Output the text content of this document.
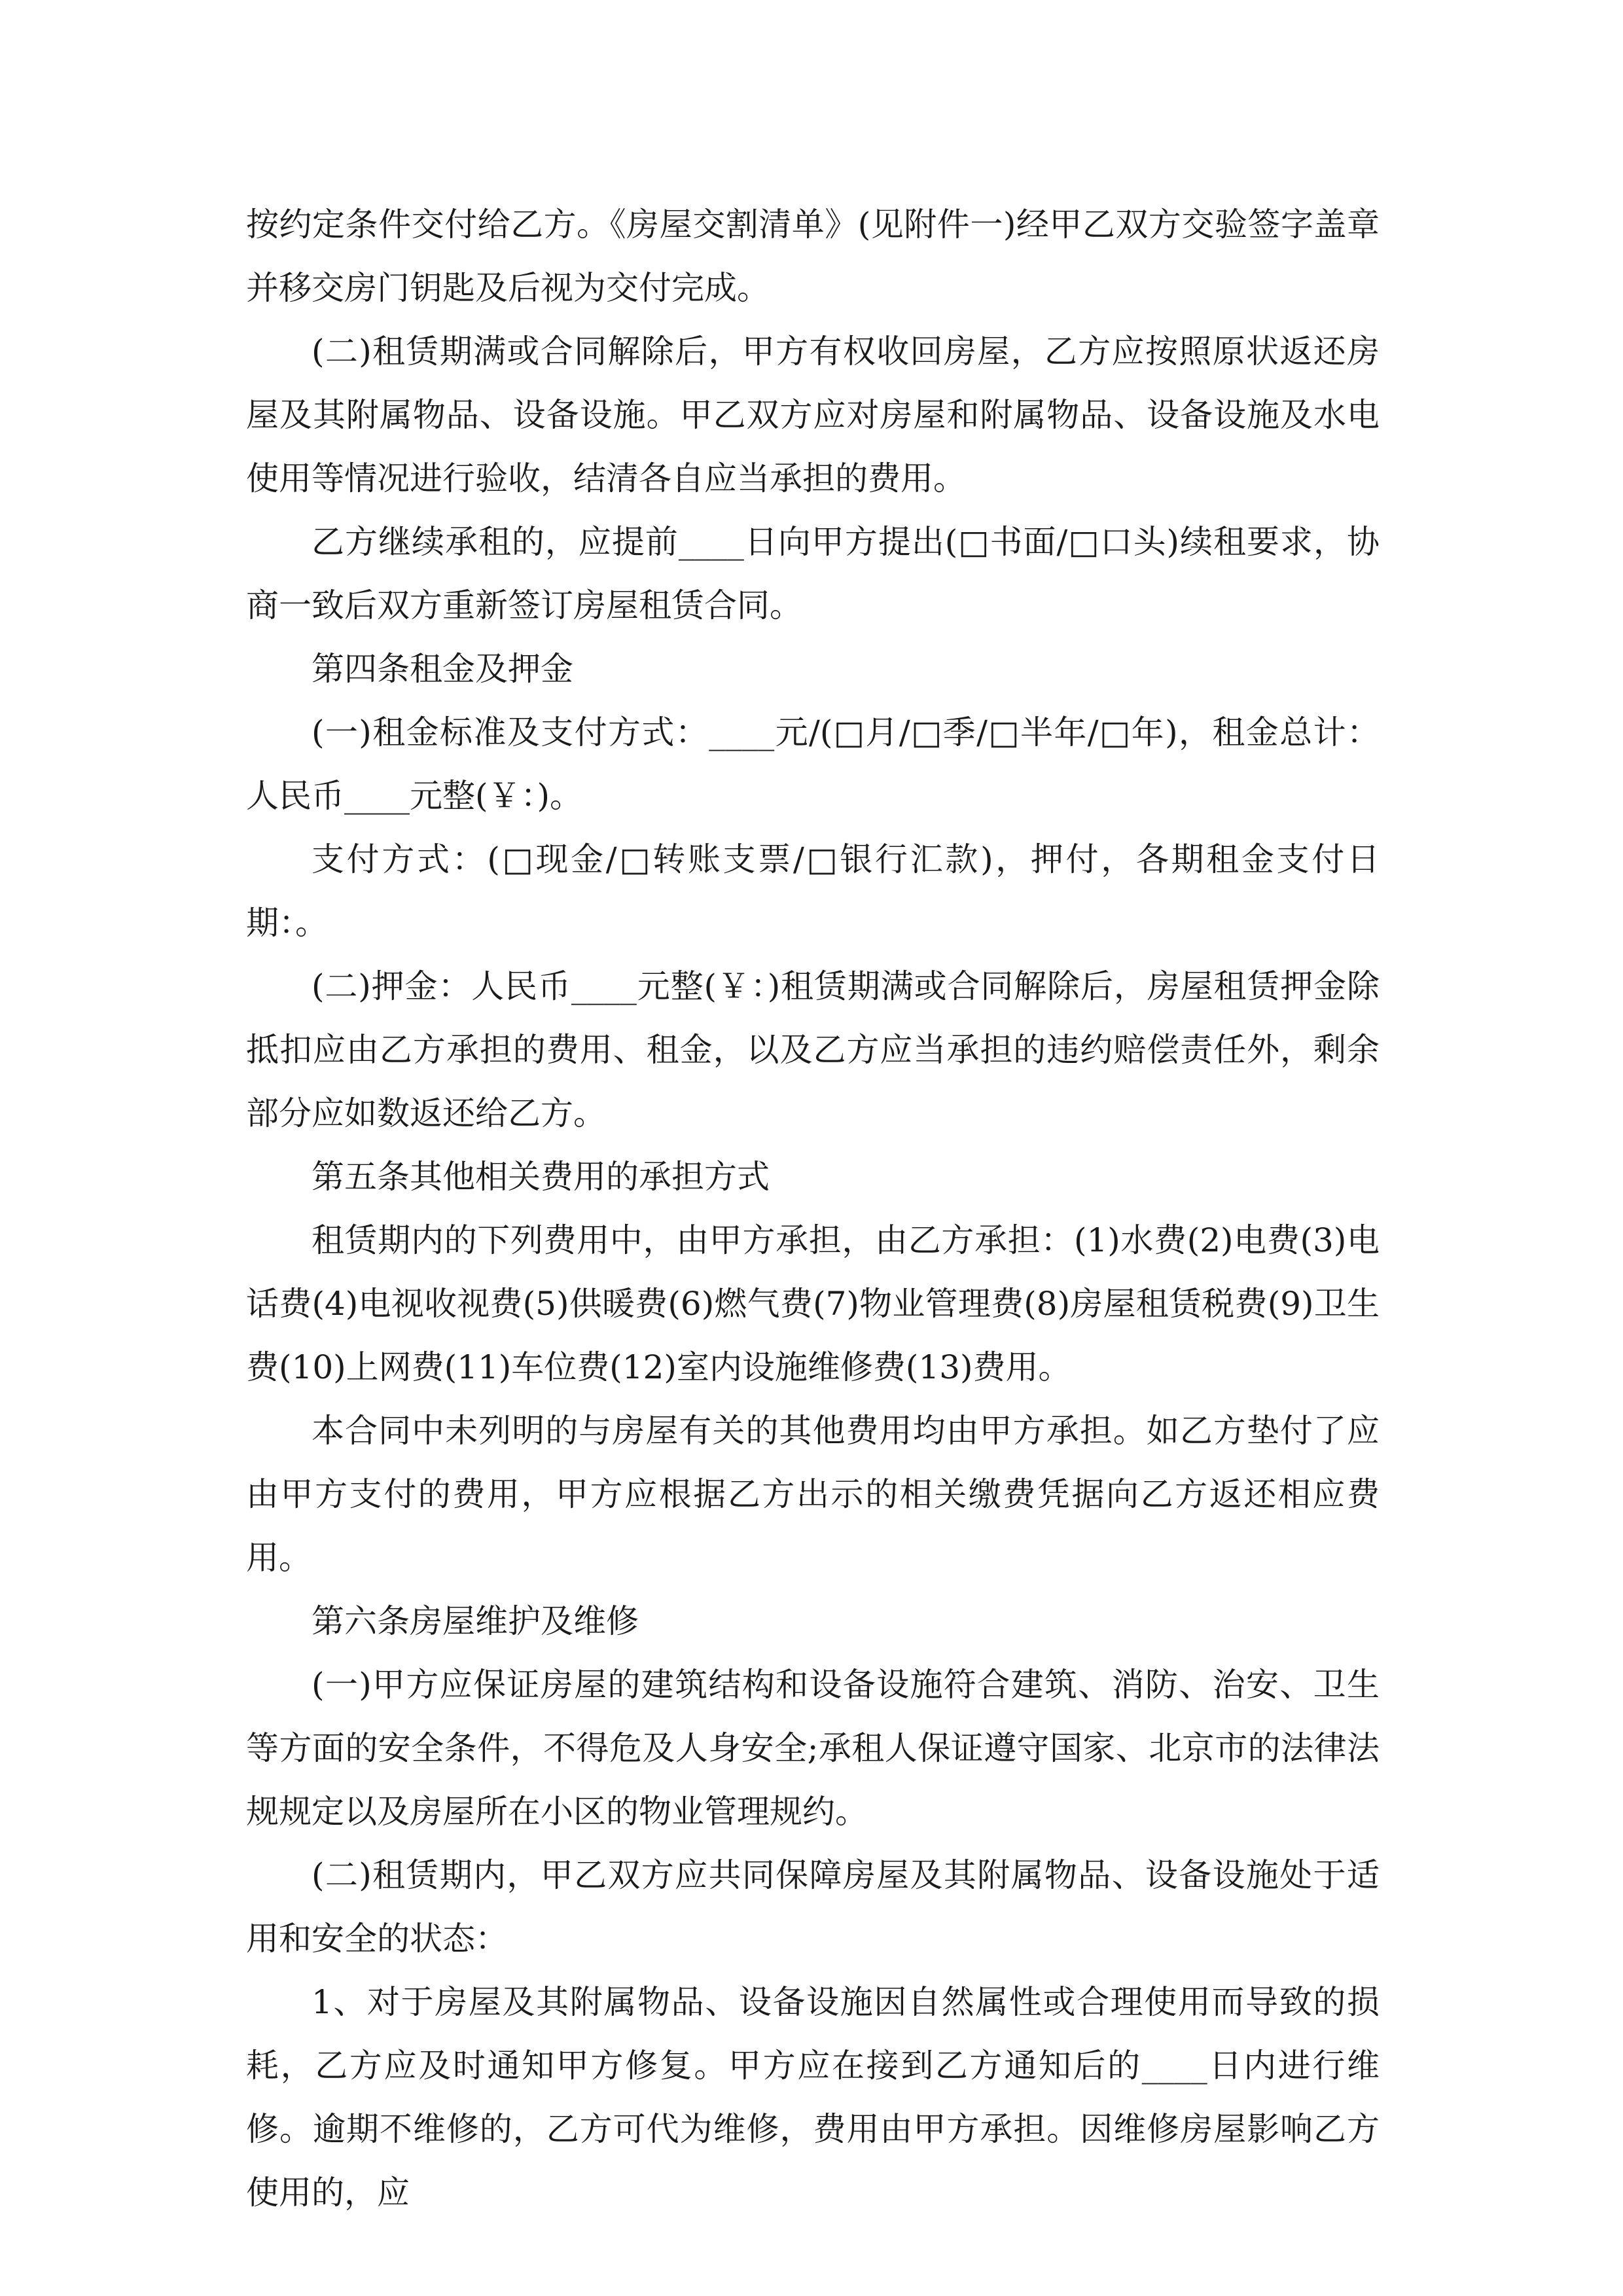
按约定条件交付给乙方。《房屋交割清单》(见附件一)经甲乙双方交验签字盖章并移交房门钥匙及后视为交付完成。

(二)租赁期满或合同解除后，甲方有权收回房屋，乙方应按照原状返还房屋及其附属物品、设备设施。甲乙双方应对房屋和附属物品、设备设施及水电使用等情况进行验收，结清各自应当承担的费用。

乙方继续承租的，应提前____日向甲方提出(□书面/□口头)续租要求，协商一致后双方重新签订房屋租赁合同。

第四条租金及押金

(一)租金标准及支付方式：____元/(□月/□季/□半年/□年)，租金总计：人民币____元整(￥：)。

支付方式：(□现金/□转账支票/□银行汇款)，押付，各期租金支付日期：。

(二)押金：人民币____元整(￥：)租赁期满或合同解除后，房屋租赁押金除抵扣应由乙方承担的费用、租金，以及乙方应当承担的违约赔偿责任外，剩余部分应如数返还给乙方。

第五条其他相关费用的承担方式

租赁期内的下列费用中，由甲方承担，由乙方承担：(1)水费(2)电费(3)电话费(4)电视收视费(5)供暖费(6)燃气费(7)物业管理费(8)房屋租赁税费(9)卫生费(10)上网费(11)车位费(12)室内设施维修费(13)费用。

本合同中未列明的与房屋有关的其他费用均由甲方承担。如乙方垫付了应由甲方支付的费用，甲方应根据乙方出示的相关缴费凭据向乙方返还相应费用。

第六条房屋维护及维修

(一)甲方应保证房屋的建筑结构和设备设施符合建筑、消防、治安、卫生等方面的安全条件，不得危及人身安全;承租人保证遵守国家、北京市的法律法规规定以及房屋所在小区的物业管理规约。

(二)租赁期内，甲乙双方应共同保障房屋及其附属物品、设备设施处于适用和安全的状态：

1、对于房屋及其附属物品、设备设施因自然属性或合理使用而导致的损耗，乙方应及时通知甲方修复。甲方应在接到乙方通知后的____日内进行维修。逾期不维修的，乙方可代为维修，费用由甲方承担。因维修房屋影响乙方使用的，应
